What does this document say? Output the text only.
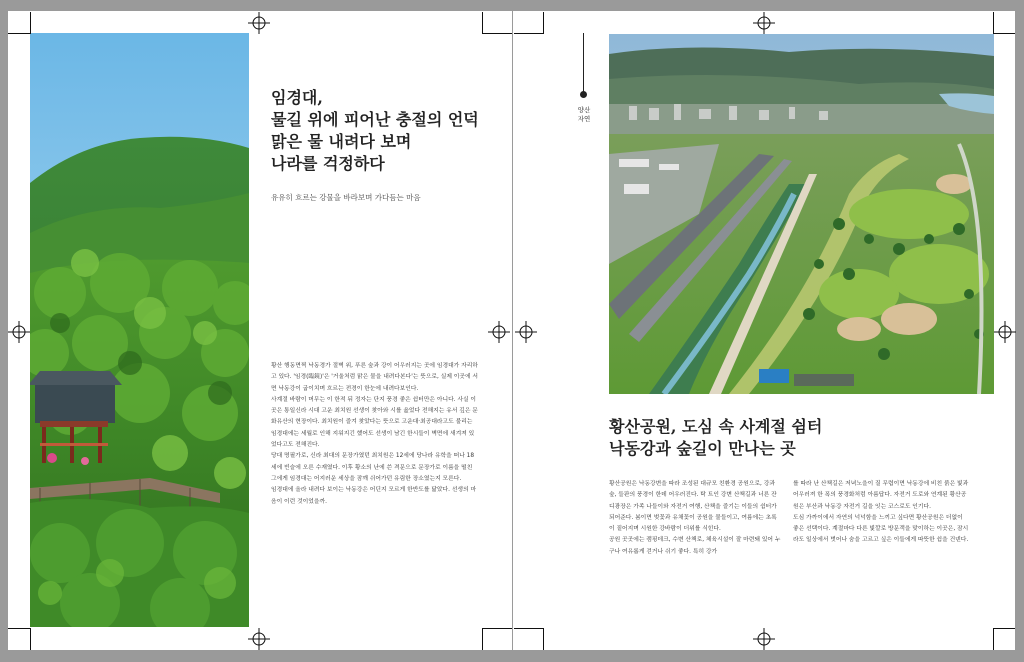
임경대,
물길 위에 피어난 충절의 언덕
맑은 물 내려다 보며
나라를 걱정하다

유유히 흐르는 강물을 바라보며 가다듬는 마음

황산 행동면찍 낙동경가 절벽 위, 푸른 숲과 강이 어우러지는 곳에 임경대가 자리하고 있다. '임경(臨鏡)'은 '거울처럼 맑은 물을 내려다본다'는 뜻으로, 실제 이곳에 서면 낙동강이 굽이치며 흐르는 전경이 한눈에 내려다보인다.

사계절 바람이 머무는 이 한적 뒤 정자는 단지 풍경 좋은 쉼터만은 아니다. 사실 이곳은 통일신라 시대 고운 최치원 선생이 찾아와 시를 읊었다 전해지는 유서 깊은 문화유산의 현장이다. 최치원이 즐겨 찾았다는 뜻으로 고운대·최공대라고도 불리는 임경대에는 세월로 인해 지워지긴 했어도 선생이 남긴 한시들이 벽면에 새겨져 있었다고도 전해진다.

당대 명필가로, 신라 최대의 문장가였던 최치원은 12세에 당나라 유학을 떠나 18세에 빈슬에 오른 수재였다. 이후 황소의 난에 쓴 격문으로 문장가로 이름을 떨친 그에게 임경대는 어지러운 세상을 잠깨 쉬어가던 유림한 장소였는지 모른다.

임경대에 올라 내려다 보이는 낙동강은 어딘지 모르게 한반도를 닮았다. 선생의 마음이 이런 것이었을까.

양산
자연
황산공원, 도심 속 사계절 쉼터
낙동강과 숲길이 만나는 곳

황산공원은 낙동강변을 따라 조성된 대규모 친환경 공원으로, 강과 숲, 들판의 풍경이 한데 어우러진다. 탁 트인 강변 산책길과 너른 잔디광장은 가족 나들이와 자전거 여행, 산책을 즐기는 이들의 쉼터가 되어준다. 봄이면 벚꽃과 유채꽃이 공원을 물들이고, 여름에는 초록이 짙어지며 시원한 강바람이 더위를 식힌다.

공원 곳곳에는 캠핑데크, 수변 산책로, 체육시설이 잘 마련돼 있어 누구나 여유롭게 걷거나 쉬기 좋다. 특히 강가

를 따라 난 산책길은 저녁노을이 질 무렵이면 낙동강에 비친 붉은 빛과 어우러져 한 폭의 풍경화처럼 아름답다. 자전거 도로와 연계된 황산공원은 부산과 낙동강 자전거 길을 잇는 코스로도 인기다.

도심 가까이에서 자연의 넉넉함을 느끼고 싶다면 황산공원은 더없이 좋은 선택이다. 계절마다 다른 빛깔로 방문객을 맞이하는 이곳은, 잠시라도 일상에서 벗어나 숨을 고르고 싶은 이들에게 따뜻한 쉼을 건넨다.
